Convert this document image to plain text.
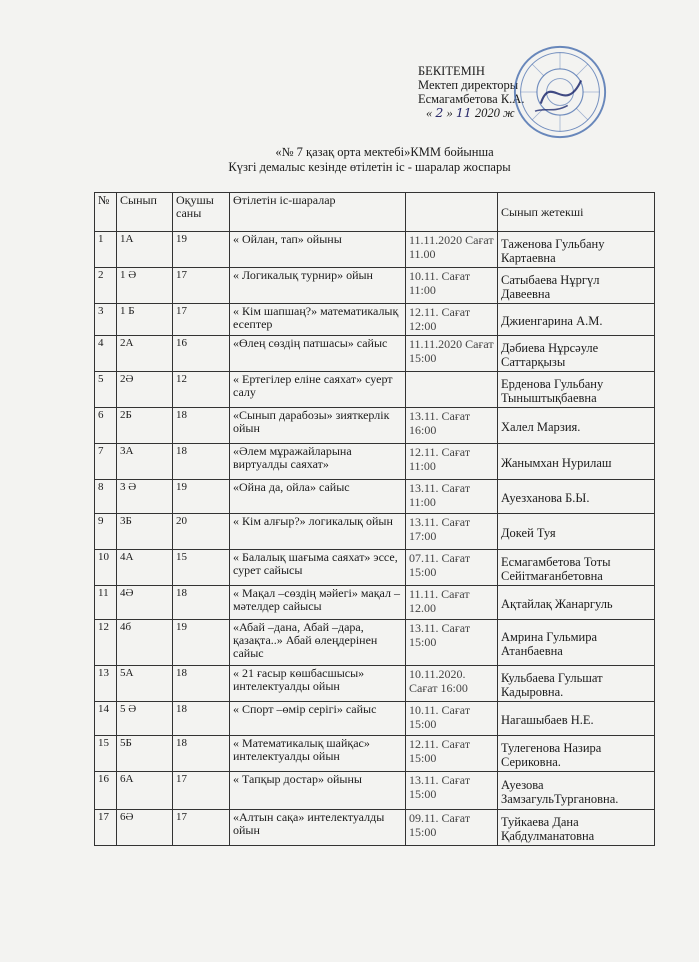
БЕКІТЕМІН
Мектеп директоры
Есмагамбетова К.А.
« 2 » 11 2020 ж
«№ 7 қазақ орта мектебі»КММ бойынша
Күзгі демалыс кезінде өтілетін іс - шаралар жоспары
№	Сынып	Оқушы саны	Өтілетін іс-шаралар		Сынып жетекші
1	1А	19	« Ойлан, тап» ойыны	11.11.2020 Сағат 11.00	Таженова Гульбану Картаевна
2	1 Ә	17	« Логикалық турнир» ойын	10.11. Сағат 11:00	Сатыбаева Нұргүл Давеевна
3	1 Б	17	« Кім шапшаң?» математикалық есептер	12.11. Сағат 12:00	Джиенгарина А.М.
4	2А	16	«Өлең сөздің патшасы» сайыс	11.11.2020 Сағат 15:00	Дәбиева Нұрсәуле Саттарқызы
5	2Ә	12	« Ертегілер еліне саяхат» суерт салу		Ерденова Гульбану Тыныштықбаевна
6	2Б	18	«Сынып дарабозы» зияткерлік ойын	13.11. Сағат 16:00	Халел Марзия.
7	3А	18	«Әлем мұражайларына виртуалды саяхат»	12.11. Сағат 11:00	Жанымхан Нурилаш
8	3 Ә	19	«Ойна да, ойла» сайыс	13.11. Сағат 11:00	Ауезханова Б.Ы.
9	3Б	20	« Кім алғыр?» логикалық ойын	13.11. Сағат 17:00	Докей Туя
10	4А	15	« Балалық шағыма саяхат» эссе, сурет сайысы	07.11. Сағат 15:00	Есмагамбетова Тоты Сейітмағанбетовна
11	4Ә	18	« Мақал –сөздің мәйегі» мақал –мәтелдер сайысы	11.11. Сағат 12.00	Ақтайлақ Жанаргуль
12	4б	19	«Абай –дана, Абай –дара, қазақта..» Абай өлеңдерінен сайыс	13.11. Сағат 15:00	Амрина Гульмира Атанбаевна
13	5А	18	« 21 ғасыр көшбасшысы» интелектуалды ойын	10.11.2020. Сағат 16:00	Кульбаева Гульшат Кадыровна.
14	5 Ә	18	« Спорт –өмір серігі» сайыс	10.11. Сағат 15:00	Нагашыбаев Н.Е.
15	5Б	18	« Математикалық шайқас» интелектуалды ойын	12.11. Сағат 15:00	Тулегенова Назира Сериковна.
16	6А	17	« Тапқыр достар» ойыны	13.11. Сағат 15:00	Ауезова ЗамзагульТургановна.
17	6Ә	17	«Алтын сақа» интелектуалды ойын	09.11. Сағат 15:00	Туйкаева Дана Қабдулманатовна
